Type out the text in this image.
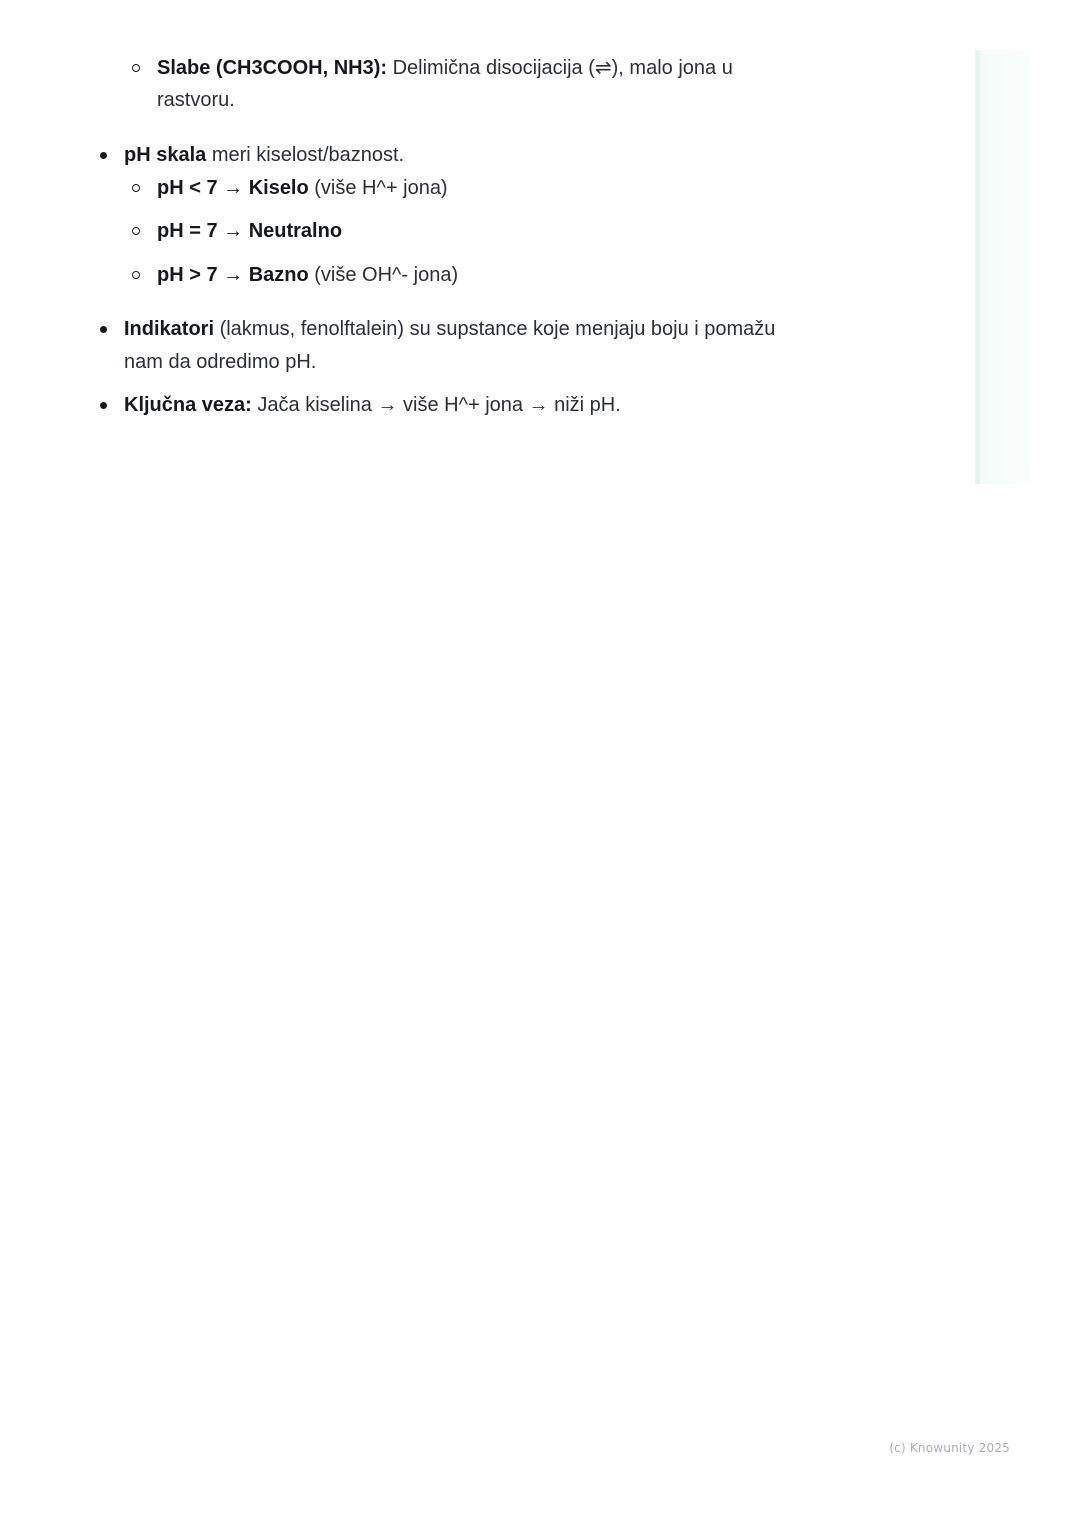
Slabe (CH3COOH, NH3): Delimična disocijacija (⇌), malo jona u
rastvoru.
pH skala meri kiselost/baznost.
pH < 7 → Kiselo (više H^+ jona)
pH = 7 → Neutralno
pH > 7 → Bazno (više OH^- jona)
Indikatori (lakmus, fenolftalein) su supstance koje menjaju boju i pomažu
nam da odredimo pH.
Ključna veza: Jača kiselina → više H^+ jona → niži pH.
(c) Knowunity 2025
